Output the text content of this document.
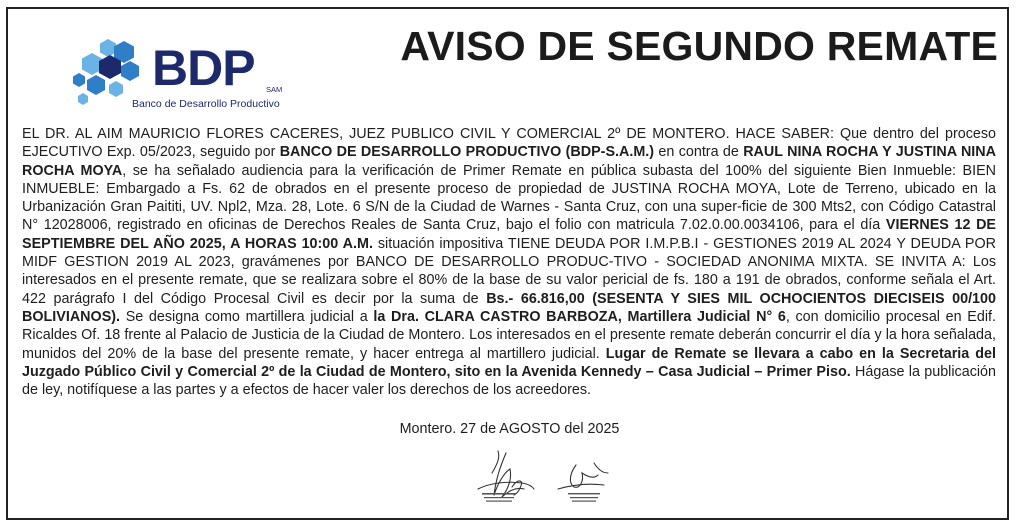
BDP SAM
Banco de Desarrollo Productivo
AVISO DE SEGUNDO REMATE
EL DR. AL AIM MAURICIO FLORES CACERES, JUEZ PUBLICO CIVIL Y COMERCIAL 2º DE MONTERO. HACE SABER: Que dentro del proceso EJECUTIVO Exp. 05/2023, seguido por BANCO DE DESARROLLO PRODUCTIVO (BDP-S.A.M.) en contra de RAUL NINA ROCHA Y JUSTINA NINA ROCHA MOYA, se ha señalado audiencia para la verificación de Primer Remate en pública subasta del 100% del siguiente Bien Inmueble: BIEN INMUEBLE: Embargado a Fs. 62 de obrados en el presente proceso de propiedad de JUSTINA ROCHA MOYA, Lote de Terreno, ubicado en la Urbanización Gran Paititi, UV. Npl2, Mza. 28, Lote. 6 S/N de la Ciudad de Warnes - Santa Cruz, con una super-ficie de 300 Mts2, con Código Catastral N° 12028006, registrado en oficinas de Derechos Reales de Santa Cruz, bajo el folio con matricula 7.02.0.00.0034106, para el día VIERNES 12 DE SEPTIEMBRE DEL AÑO 2025, A HORAS 10:00 A.M. situación impositiva TIENE DEUDA POR I.M.P.B.I - GESTIONES 2019 AL 2024 Y DEUDA POR MIDF GESTION 2019 AL 2023, gravámenes por BANCO DE DESARROLLO PRODUC-TIVO - SOCIEDAD ANONIMA MIXTA. SE INVITA A: Los interesados en el presente remate, que se realizara sobre el 80% de la base de su valor pericial de fs. 180 a 191 de obrados, conforme señala el Art. 422 parágrafo I del Código Procesal Civil es decir por la suma de Bs.- 66.816,00 (SESENTA Y SIES MIL OCHOCIENTOS DIECISEIS 00/100 BOLIVIANOS). Se designa como martillera judicial a la Dra. CLARA CASTRO BARBOZA, Martillera Judicial N° 6, con domicilio procesal en Edif. Ricaldes Of. 18 frente al Palacio de Justicia de la Ciudad de Montero. Los interesados en el presente remate deberán concurrir el día y la hora señalada, munidos del 20% de la base del presente remate, y hacer entrega al martillero judicial. Lugar de Remate se llevara a cabo en la Secretaria del Juzgado Público Civil y Comercial 2º de la Ciudad de Montero, sito en la Avenida Kennedy – Casa Judicial – Primer Piso. Hágase la publicación de ley, notifíquese a las partes y a efectos de hacer valer los derechos de los acreedores.
Montero. 27 de AGOSTO del 2025
